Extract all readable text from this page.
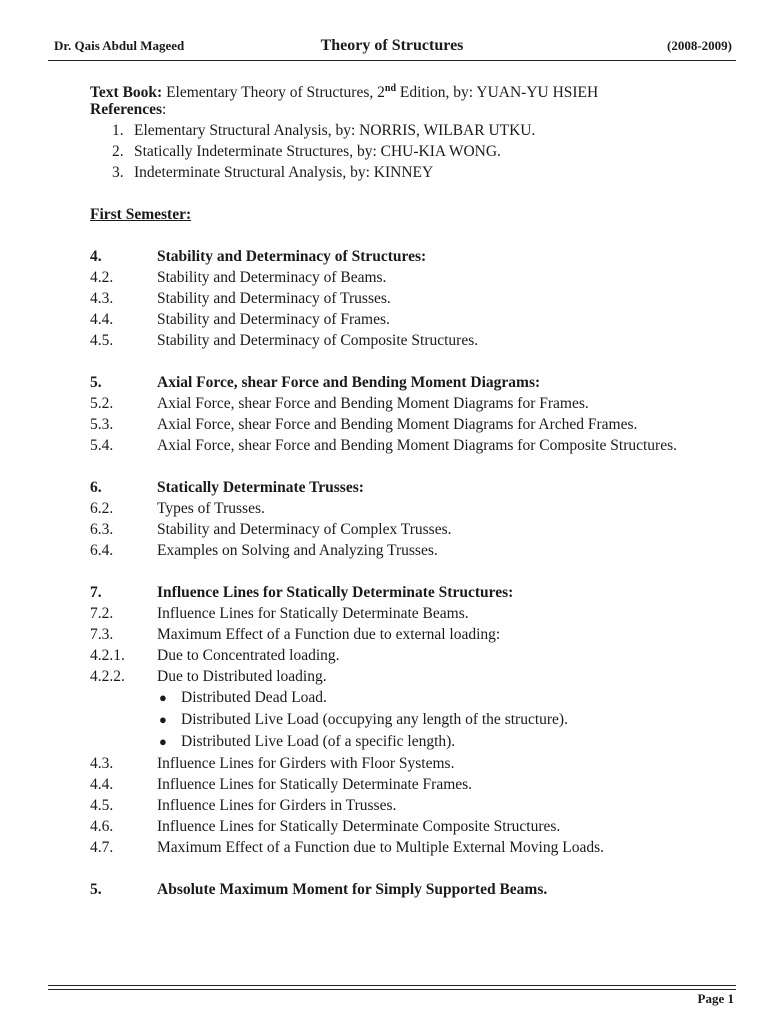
Dr. Qais Abdul Mageed	Theory of Structures	(2008-2009)
Text Book: Elementary Theory of Structures, 2nd Edition, by: YUAN-YU HSIEH
References:
1. Elementary Structural Analysis, by: NORRIS, WILBAR UTKU.
2. Statically Indeterminate Structures, by: CHU-KIA WONG.
3. Indeterminate Structural Analysis, by: KINNEY
First Semester:
4.	Stability and Determinacy of Structures:
4.2.	Stability and Determinacy of Beams.
4.3.	Stability and Determinacy of Trusses.
4.4.	Stability and Determinacy of Frames.
4.5.	Stability and Determinacy of Composite Structures.
5.	Axial Force, shear Force and Bending Moment Diagrams:
5.2.	Axial Force, shear Force and Bending Moment Diagrams for Frames.
5.3.	Axial Force, shear Force and Bending Moment Diagrams for Arched Frames.
5.4.	Axial Force, shear Force and Bending Moment Diagrams for Composite Structures.
6.	Statically Determinate Trusses:
6.2.	Types of Trusses.
6.3.	Stability and Determinacy of Complex Trusses.
6.4.	Examples on Solving and Analyzing Trusses.
7.	Influence Lines for Statically Determinate Structures:
7.2.	Influence Lines for Statically Determinate Beams.
7.3.	Maximum Effect of a Function due to external loading:
4.2.1.	Due to Concentrated loading.
4.2.2.	Due to Distributed loading.
● Distributed Dead Load.
● Distributed Live Load (occupying any length of the structure).
● Distributed Live Load (of a specific length).
4.3.	Influence Lines for Girders with Floor Systems.
4.4.	Influence Lines for Statically Determinate Frames.
4.5.	Influence Lines for Girders in Trusses.
4.6.	Influence Lines for Statically Determinate Composite Structures.
4.7.	Maximum Effect of a Function due to Multiple External Moving Loads.
5.	Absolute Maximum Moment for Simply Supported Beams.
Page 1
